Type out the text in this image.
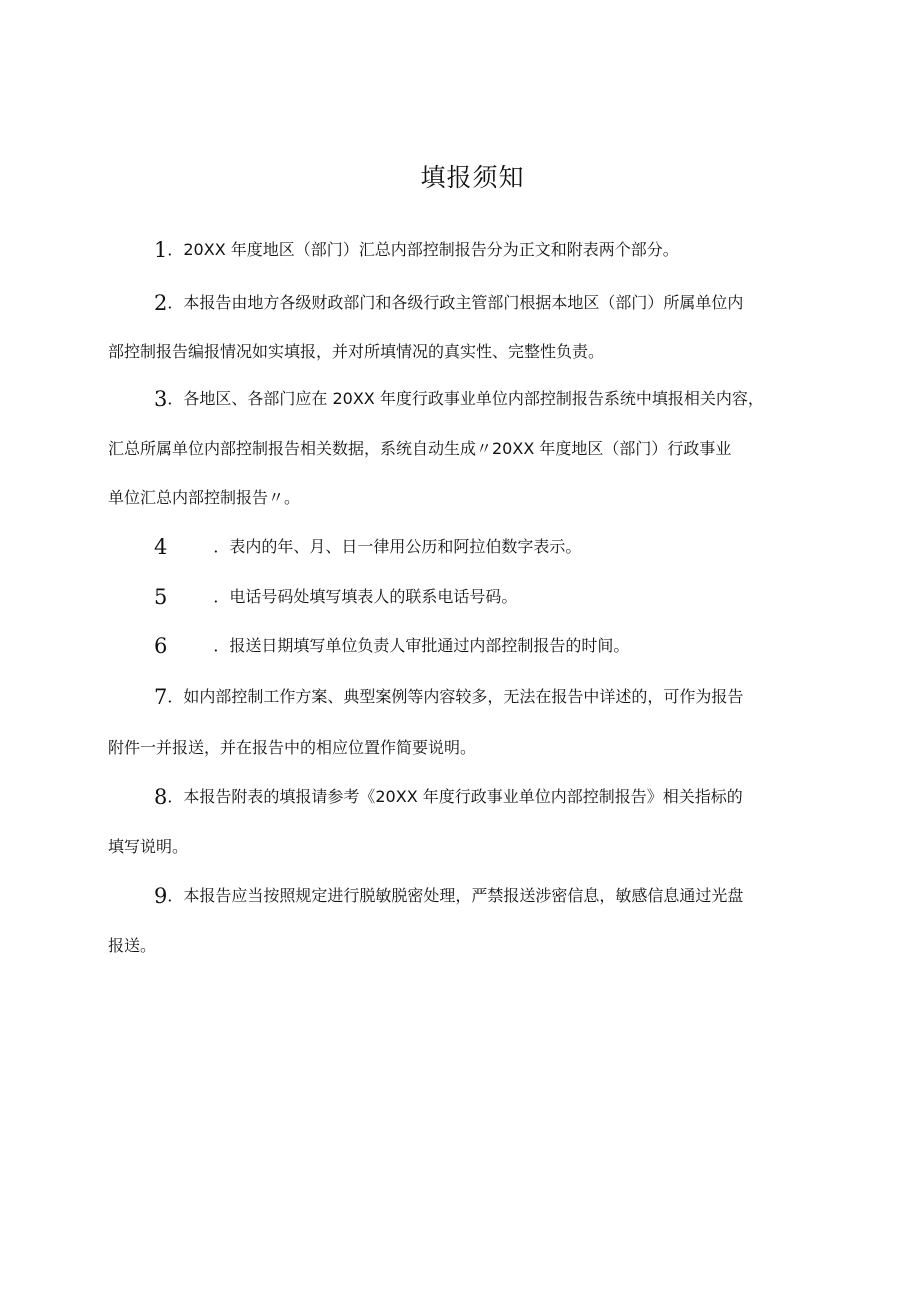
填报须知
1．20XX 年度地区（部门）汇总内部控制报告分为正文和附表两个部分。
2．本报告由地方各级财政部门和各级行政主管部门根据本地区（部门）所属单位内
部控制报告编报情况如实填报，并对所填情况的真实性、完整性负责。
3．各地区、各部门应在 20XX 年度行政事业单位内部控制报告系统中填报相关内容，
汇总所属单位内部控制报告相关数据，系统自动生成〃20XX 年度地区（部门）行政事业
单位汇总内部控制报告〃。
4	．表内的年、月、日一律用公历和阿拉伯数字表示。
5	．电话号码处填写填表人的联系电话号码。
6	．报送日期填写单位负责人审批通过内部控制报告的时间。
7．如内部控制工作方案、典型案例等内容较多，无法在报告中详述的，可作为报告
附件一并报送，并在报告中的相应位置作简要说明。
8．本报告附表的填报请参考《20XX 年度行政事业单位内部控制报告》相关指标的
填写说明。
9．本报告应当按照规定进行脱敏脱密处理，严禁报送涉密信息，敏感信息通过光盘
报送。
